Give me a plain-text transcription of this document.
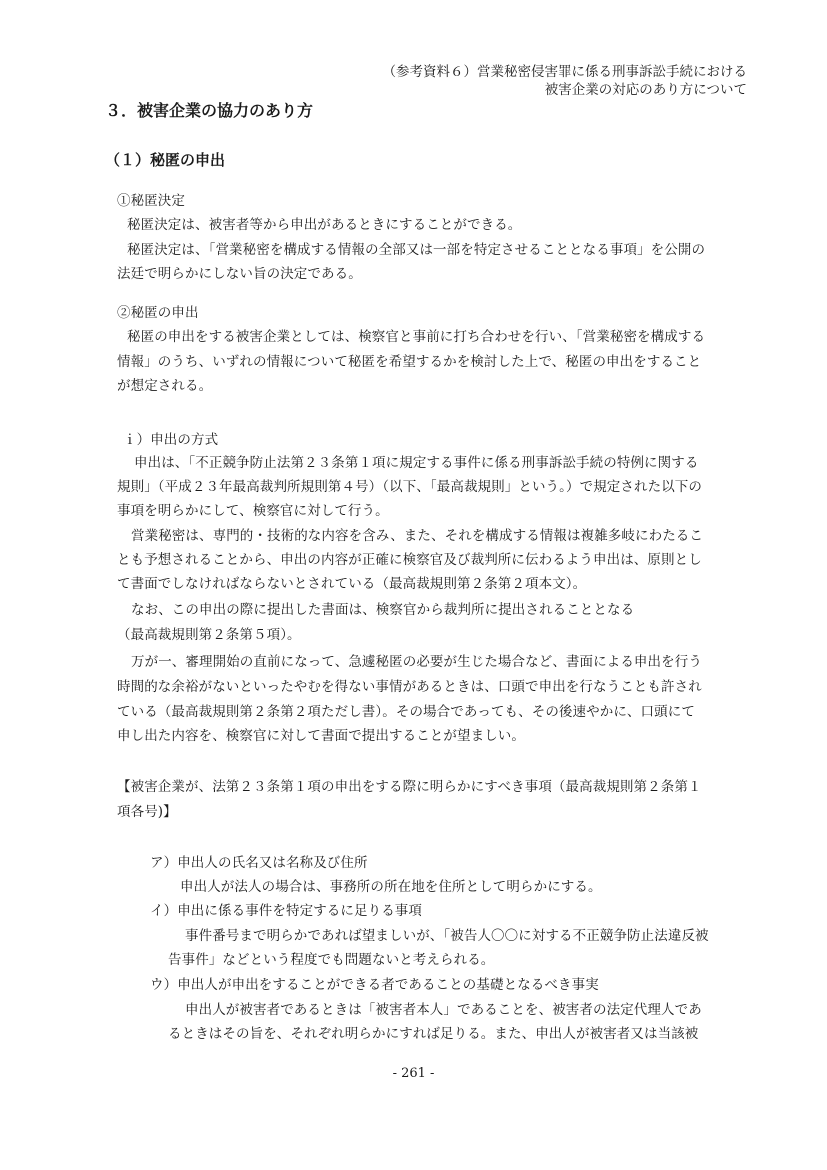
（参考資料６）営業秘密侵害罪に係る刑事訴訟手続における
被害企業の対応のあり方について
３．被害企業の協力のあり方
（１）秘匿の申出
①秘匿決定
秘匿決定は、被害者等から申出があるときにすることができる。
秘匿決定は、「営業秘密を構成する情報の全部又は一部を特定させることとなる事項」を公開の
法廷で明らかにしない旨の決定である。
②秘匿の申出
秘匿の申出をする被害企業としては、検察官と事前に打ち合わせを行い、「営業秘密を構成する
情報」のうち、いずれの情報について秘匿を希望するかを検討した上で、秘匿の申出をすること
が想定される。
ｉ）申出の方式
申出は、「不正競争防止法第２３条第１項に規定する事件に係る刑事訴訟手続の特例に関する
規則」（平成２３年最高裁判所規則第４号）（以下、「最高裁規則」という。）で規定された以下の
事項を明らかにして、検察官に対して行う。
営業秘密は、専門的・技術的な内容を含み、また、それを構成する情報は複雑多岐にわたるこ
とも予想されることから、申出の内容が正確に検察官及び裁判所に伝わるよう申出は、原則とし
て書面でしなければならないとされている（最高裁規則第２条第２項本文）。
なお、この申出の際に提出した書面は、検察官から裁判所に提出されることとなる
（最高裁規則第２条第５項）。
万が一、審理開始の直前になって、急遽秘匿の必要が生じた場合など、書面による申出を行う
時間的な余裕がないといったやむを得ない事情があるときは、口頭で申出を行なうことも許され
ている（最高裁規則第２条第２項ただし書）。その場合であっても、その後速やかに、口頭にて
申し出た内容を、検察官に対して書面で提出することが望ましい。
【被害企業が、法第２３条第１項の申出をする際に明らかにすべき事項（最高裁規則第２条第１
項各号)】
ア）申出人の氏名又は名称及び住所
申出人が法人の場合は、事務所の所在地を住所として明らかにする。
イ）申出に係る事件を特定するに足りる事項
事件番号まで明らかであれば望ましいが、「被告人〇〇に対する不正競争防止法違反被
告事件」などという程度でも問題ないと考えられる。
ウ）申出人が申出をすることができる者であることの基礎となるべき事実
申出人が被害者であるときは「被害者本人」であることを、被害者の法定代理人であ
るときはその旨を、それぞれ明らかにすれば足りる。また、申出人が被害者又は当該被
- 261 -
